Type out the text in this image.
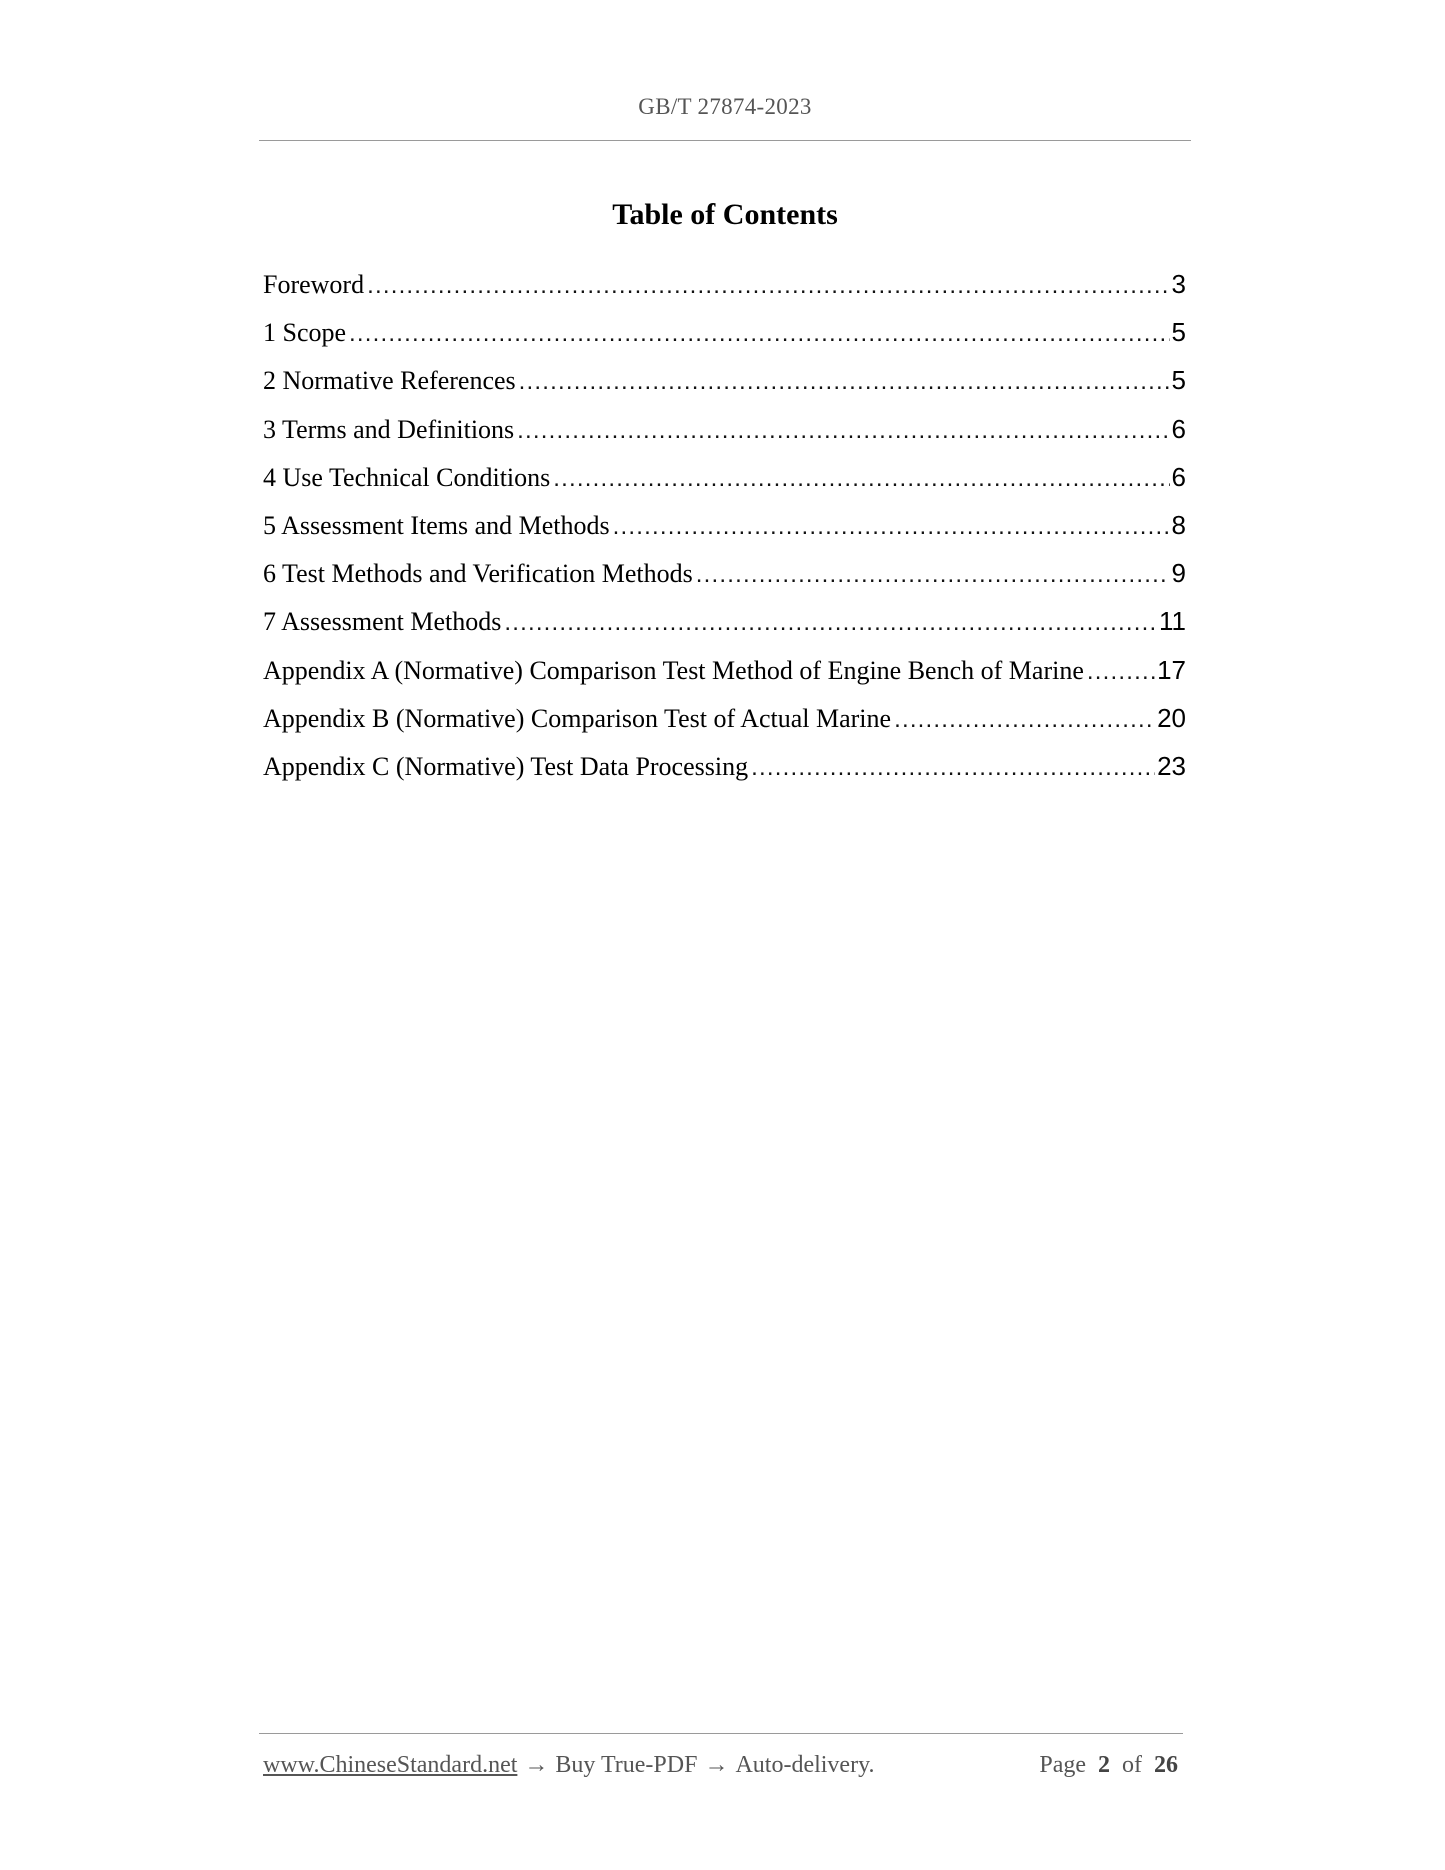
GB/T 27874-2023
Table of Contents
Foreword .....	3
1 Scope .....	5
2 Normative References .....	5
3 Terms and Definitions .....	6
4 Use Technical Conditions .....	6
5 Assessment Items and Methods .....	8
6 Test Methods and Verification Methods .....	9
7 Assessment Methods .....	11
Appendix A (Normative) Comparison Test Method of Engine Bench of Marine .....	17
Appendix B (Normative) Comparison Test of Actual Marine .....	20
Appendix C (Normative) Test Data Processing .....	23
www.ChineseStandard.net → Buy True-PDF → Auto-delivery.	Page 2 of 26
